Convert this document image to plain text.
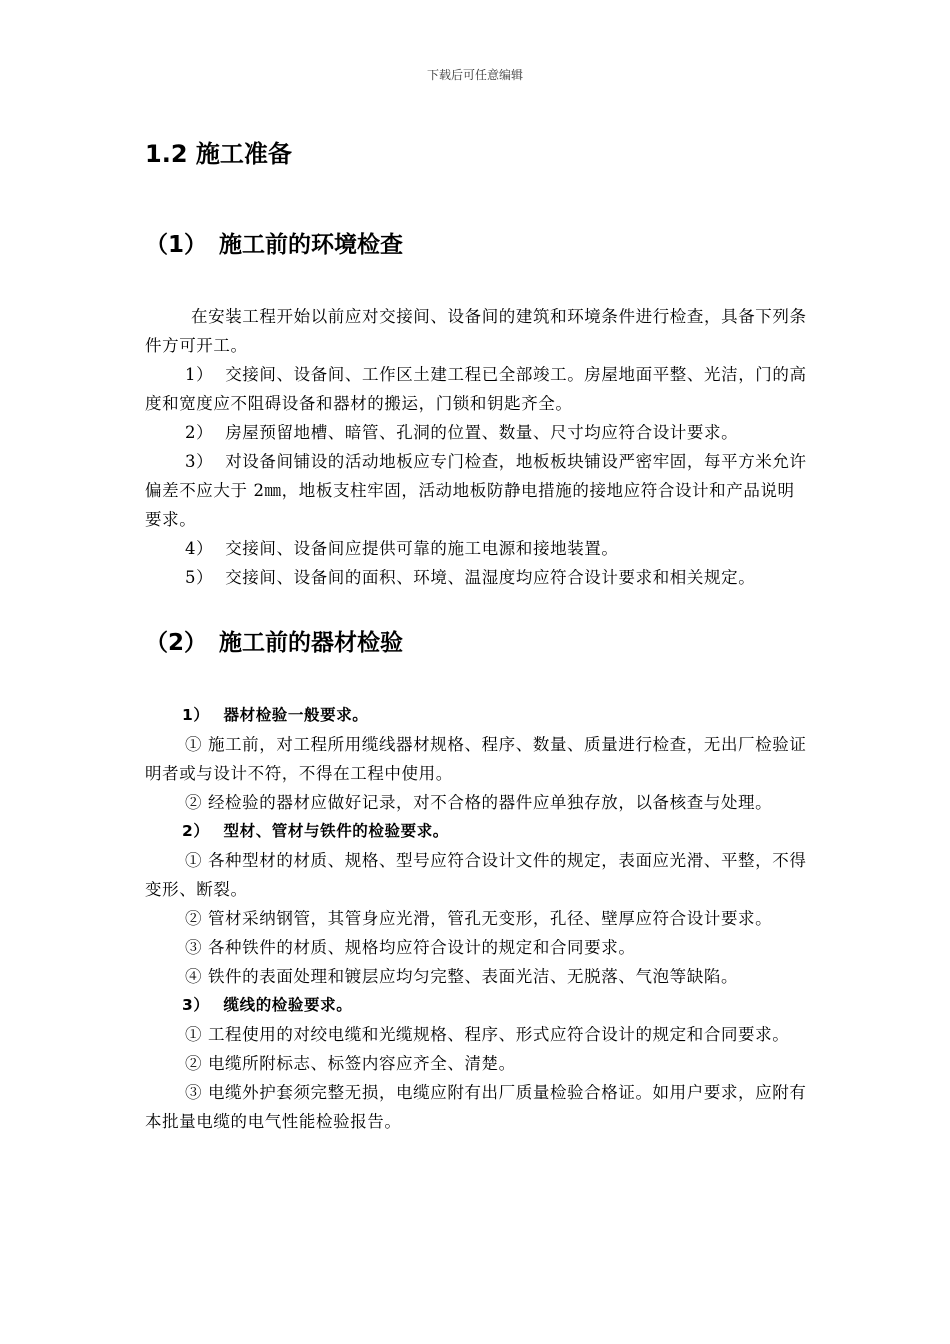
下载后可任意编辑
1.2 施工准备
（1） 施工前的环境检查

在安装工程开始以前应对交接间、设备间的建筑和环境条件进行检查，具备下列条件方可开工。

1） 交接间、设备间、工作区土建工程已全部竣工。房屋地面平整、光洁，门的高度和宽度应不阻碍设备和器材的搬运，门锁和钥匙齐全。

2） 房屋预留地槽、暗管、孔洞的位置、数量、尺寸均应符合设计要求。

3） 对设备间铺设的活动地板应专门检查，地板板块铺设严密牢固，每平方米允许偏差不应大于 2㎜，地板支柱牢固，活动地板防静电措施的接地应符合设计和产品说明要求。

4） 交接间、设备间应提供可靠的施工电源和接地装置。

5） 交接间、设备间的面积、环境、温湿度均应符合设计要求和相关规定。

（2） 施工前的器材检验

1） 器材检验一般要求。

① 施工前，对工程所用缆线器材规格、程序、数量、质量进行检查，无出厂检验证明者或与设计不符，不得在工程中使用。

② 经检验的器材应做好记录，对不合格的器件应单独存放，以备核查与处理。

2） 型材、管材与铁件的检验要求。

① 各种型材的材质、规格、型号应符合设计文件的规定，表面应光滑、平整，不得变形、断裂。

② 管材采纳钢管，其管身应光滑，管孔无变形，孔径、壁厚应符合设计要求。

③ 各种铁件的材质、规格均应符合设计的规定和合同要求。

④ 铁件的表面处理和镀层应均匀完整、表面光洁、无脱落、气泡等缺陷。

3） 缆线的检验要求。

① 工程使用的对绞电缆和光缆规格、程序、形式应符合设计的规定和合同要求。

② 电缆所附标志、标签内容应齐全、清楚。

③ 电缆外护套须完整无损，电缆应附有出厂质量检验合格证。如用户要求，应附有本批量电缆的电气性能检验报告。
